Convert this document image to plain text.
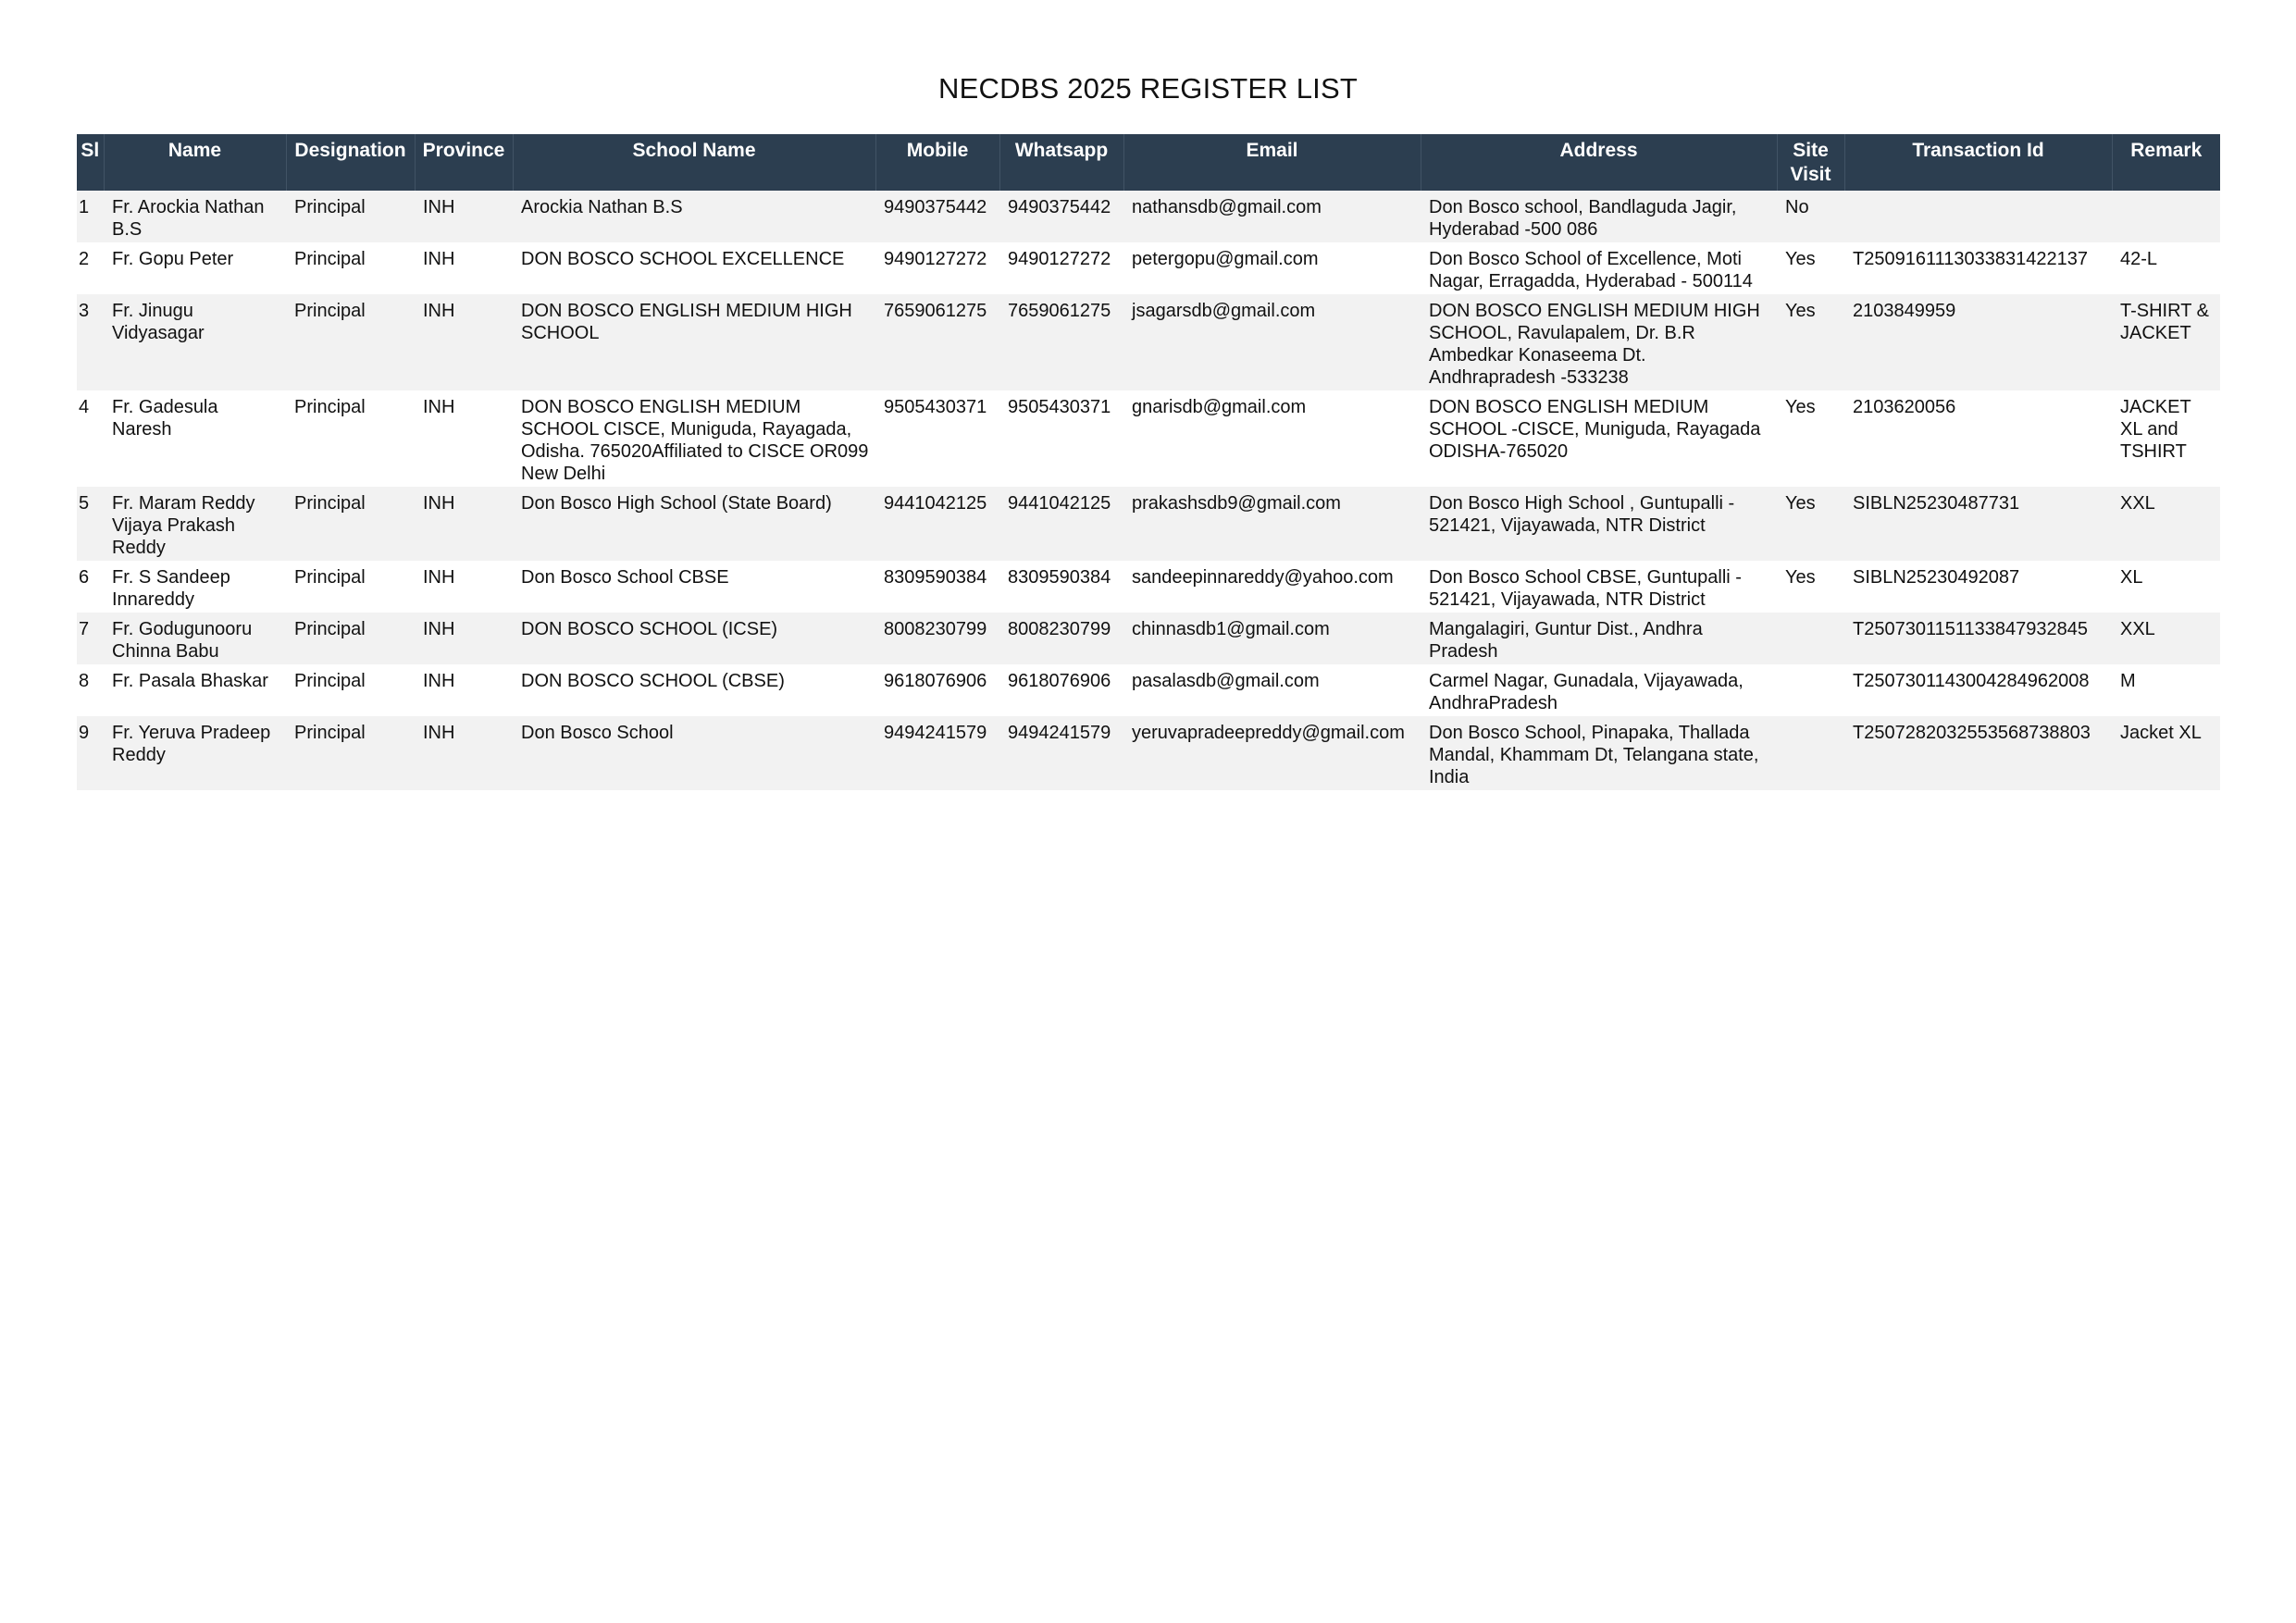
NECDBS 2025 REGISTER LIST
Sl	Name	Designation	Province	School Name	Mobile	Whatsapp	Email	Address	Site Visit	Transaction Id	Remark
1	Fr. Arockia Nathan B.S	Principal	INH	Arockia Nathan B.S	9490375442	9490375442	nathansdb@gmail.com	Don Bosco school, Bandlaguda Jagir, Hyderabad -500 086	No		
2	Fr. Gopu Peter	Principal	INH	DON BOSCO SCHOOL EXCELLENCE	9490127272	9490127272	petergopu@gmail.com	Don Bosco School of Excellence, Moti Nagar, Erragadda, Hyderabad - 500114	Yes	T2509161113033831422137	42-L
3	Fr. Jinugu Vidyasagar	Principal	INH	DON BOSCO ENGLISH MEDIUM HIGH SCHOOL	7659061275	7659061275	jsagarsdb@gmail.com	DON BOSCO ENGLISH MEDIUM HIGH SCHOOL, Ravulapalem, Dr. B.R Ambedkar Konaseema Dt. Andhrapradesh -533238	Yes	2103849959	T-SHIRT & JACKET
4	Fr. Gadesula Naresh	Principal	INH	DON BOSCO ENGLISH MEDIUM SCHOOL CISCE, Muniguda, Rayagada, Odisha. 765020Affiliated to CISCE OR099 New Delhi	9505430371	9505430371	gnarisdb@gmail.com	DON BOSCO ENGLISH MEDIUM SCHOOL -CISCE, Muniguda, Rayagada ODISHA-765020	Yes	2103620056	JACKET XL and TSHIRT
5	Fr. Maram Reddy Vijaya Prakash Reddy	Principal	INH	Don Bosco High School (State Board)	9441042125	9441042125	prakashsdb9@gmail.com	Don Bosco High School , Guntupalli - 521421, Vijayawada, NTR District	Yes	SIBLN25230487731	XXL
6	Fr. S Sandeep Innareddy	Principal	INH	Don Bosco School CBSE	8309590384	8309590384	sandeepinnareddy@yahoo.com	Don Bosco School CBSE, Guntupalli - 521421, Vijayawada, NTR District	Yes	SIBLN25230492087	XL
7	Fr. Godugunooru Chinna Babu	Principal	INH	DON BOSCO SCHOOL (ICSE)	8008230799	8008230799	chinnasdb1@gmail.com	Mangalagiri, Guntur Dist., Andhra Pradesh		T2507301151133847932845	XXL
8	Fr. Pasala Bhaskar	Principal	INH	DON BOSCO SCHOOL (CBSE)	9618076906	9618076906	pasalasdb@gmail.com	Carmel Nagar, Gunadala, Vijayawada, AndhraPradesh		T2507301143004284962008	M
9	Fr. Yeruva Pradeep Reddy	Principal	INH	Don Bosco School	9494241579	9494241579	yeruvapradeepreddy@gmail.com	Don Bosco School, Pinapaka, Thallada Mandal, Khammam Dt, Telangana state, India		T2507282032553568738803	Jacket XL
